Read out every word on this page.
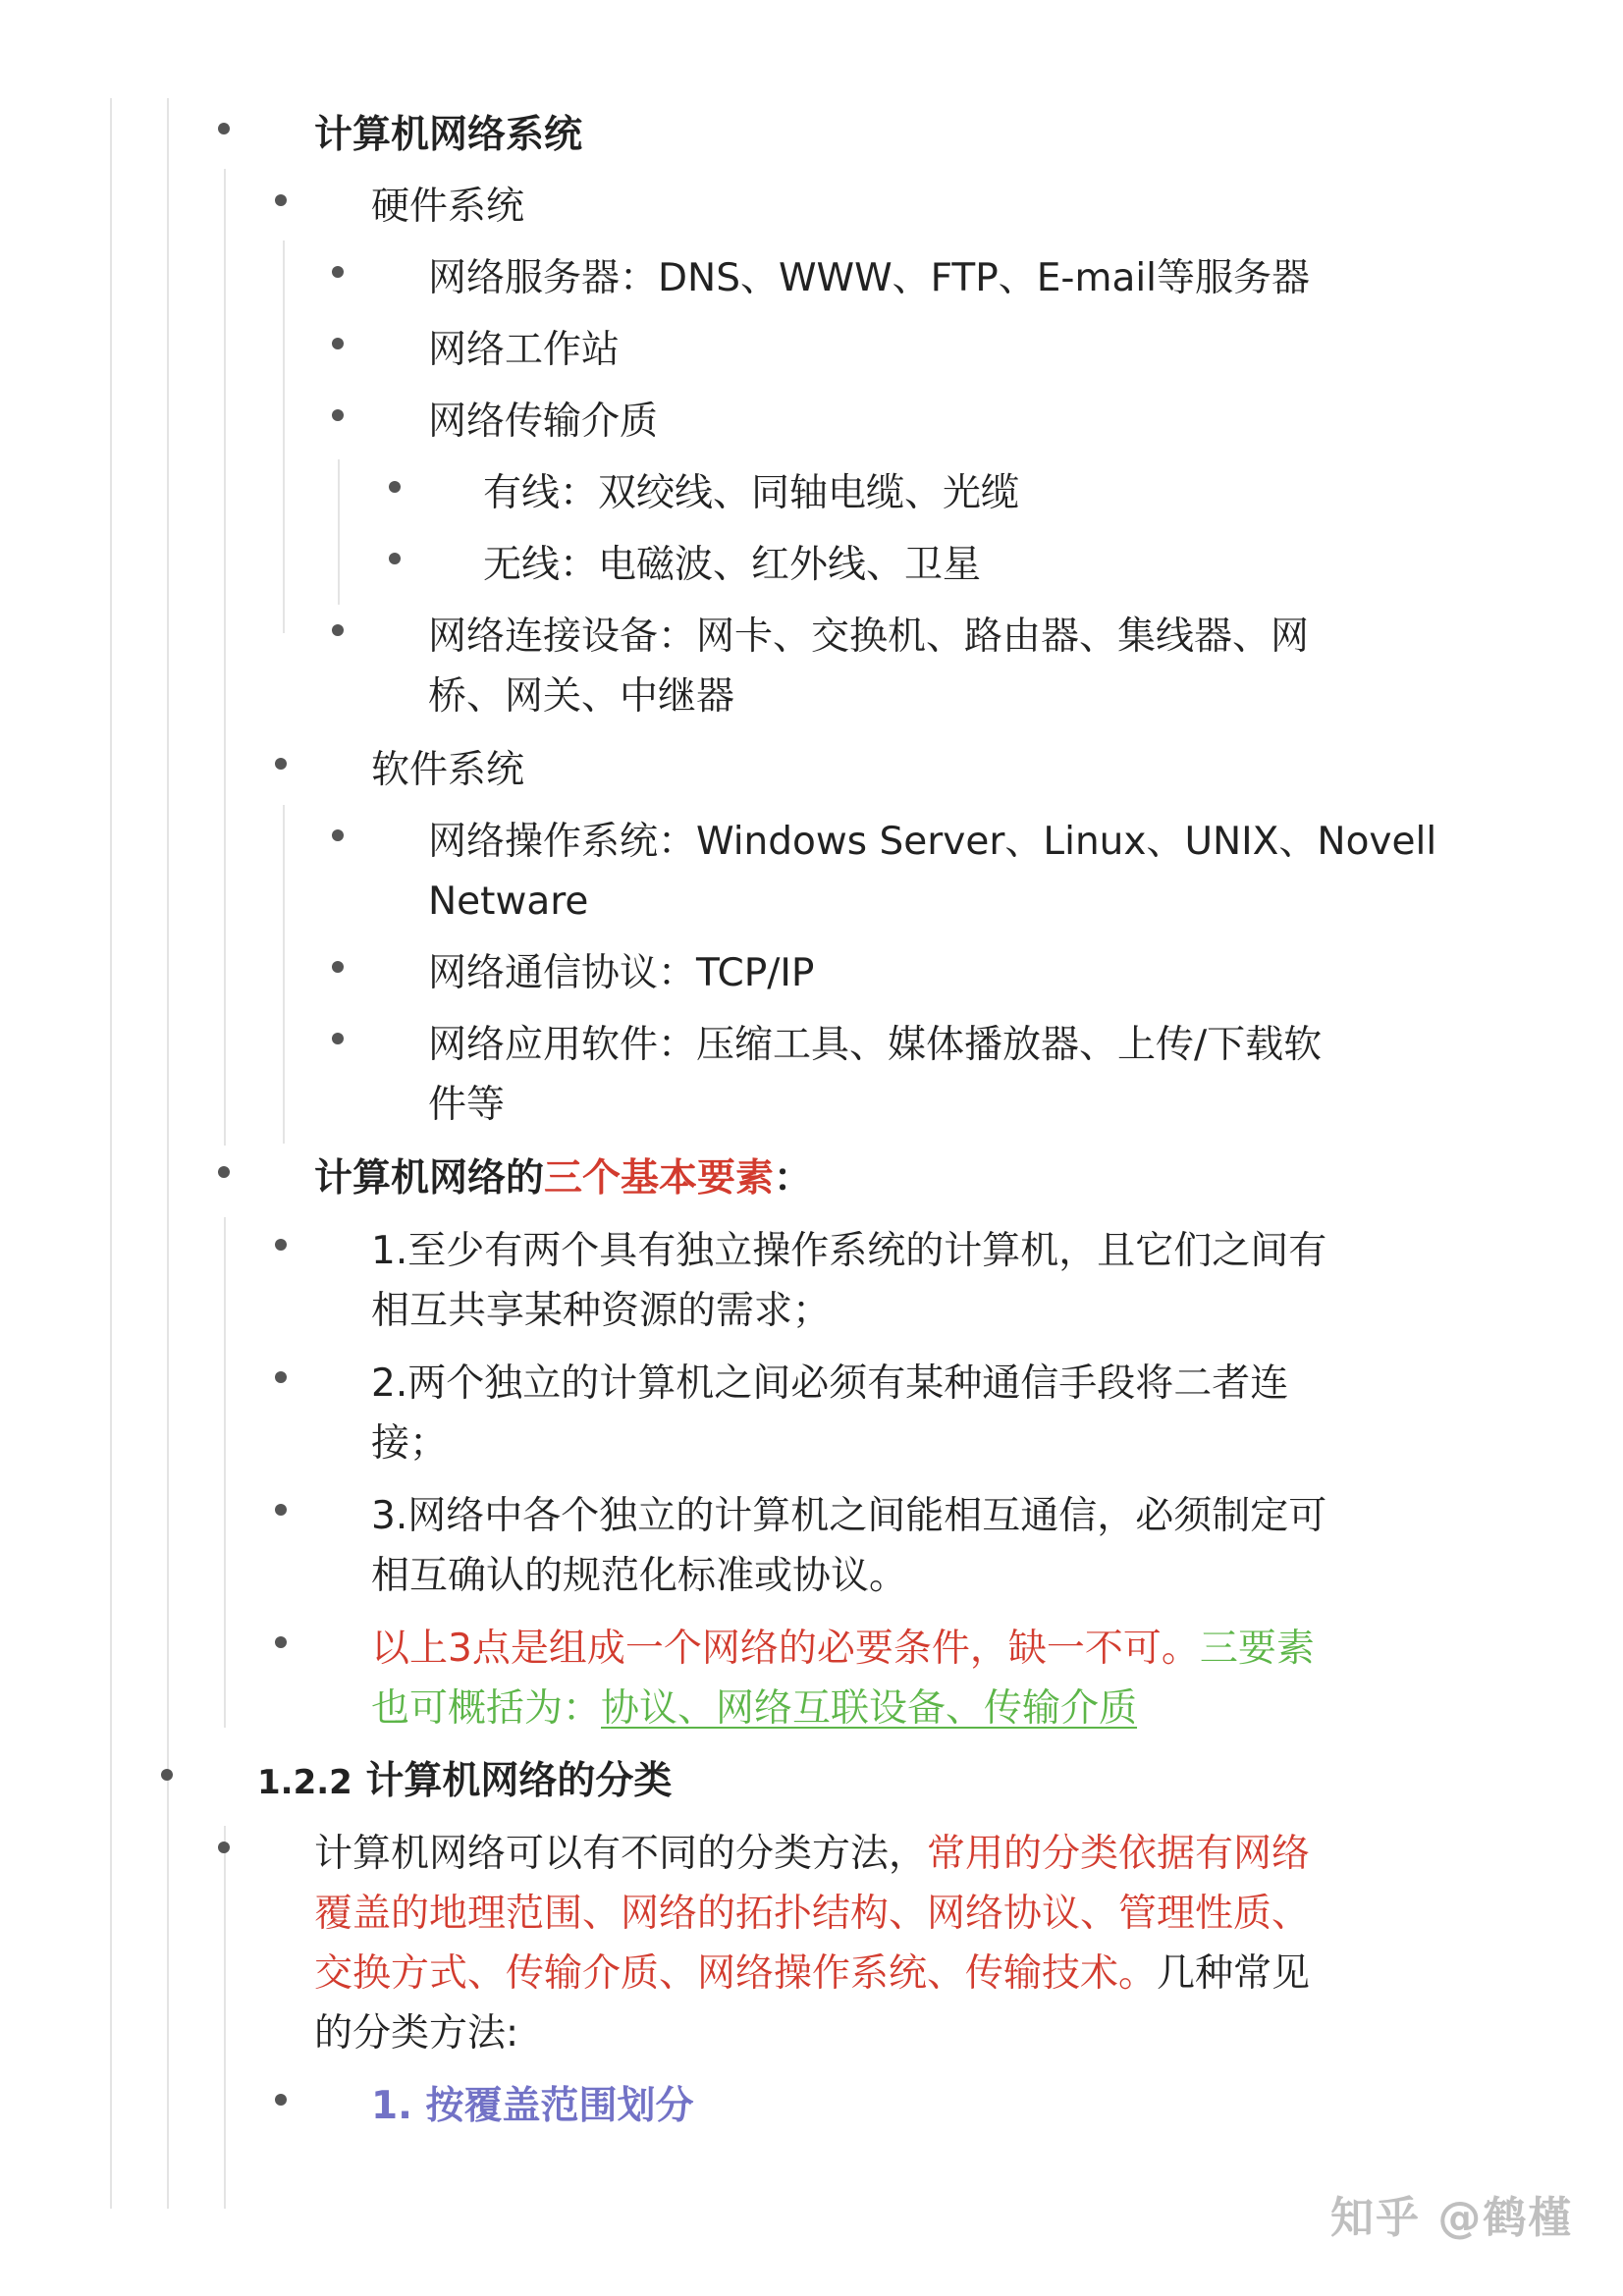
计算机网络系统
硬件系统
网络服务器：DNS、WWW、FTP、E-mail等服务器
网络工作站
网络传输介质
有线：双绞线、同轴电缆、光缆
无线：电磁波、红外线、卫星
网络连接设备：网卡、交换机、路由器、集线器、网
桥、网关、中继器
软件系统
网络操作系统：Windows Server、Linux、UNIX、Novell
Netware
网络通信协议：TCP/IP
网络应用软件：压缩工具、媒体播放器、上传/下载软
件等
计算机网络的三个基本要素：
1.至少有两个具有独立操作系统的计算机，且它们之间有
相互共享某种资源的需求；
2.两个独立的计算机之间必须有某种通信手段将二者连
接；
3.网络中各个独立的计算机之间能相互通信，必须制定可
相互确认的规范化标准或协议。
以上3点是组成一个网络的必要条件，缺一不可。三要素
也可概括为：协议、网络互联设备、传输介质
1.2.2 计算机网络的分类
计算机网络可以有不同的分类方法，常用的分类依据有网络
覆盖的地理范围、网络的拓扑结构、网络协议、管理性质、
交换方式、传输介质、网络操作系统、传输技术。几种常见
的分类方法:
1. 按覆盖范围划分
知乎 @鹤槿
